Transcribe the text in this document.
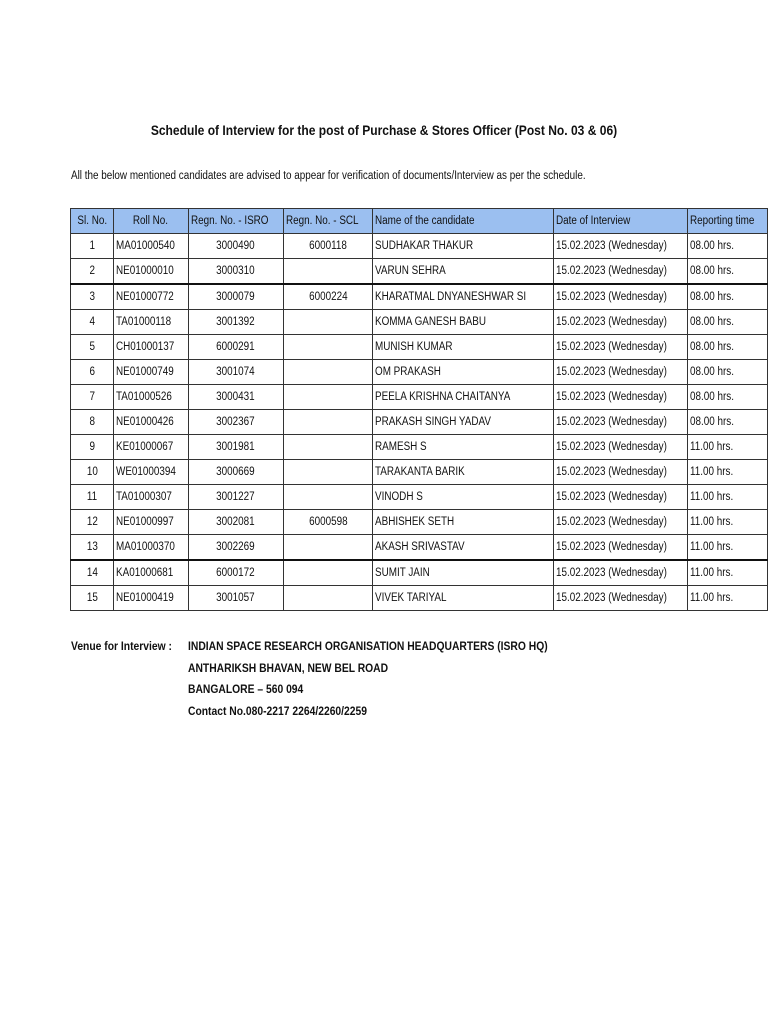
Schedule of Interview for the post of Purchase & Stores Officer (Post No. 03 & 06)
All the below mentioned candidates are advised to appear for verification of documents/Interview as per the schedule.
Sl. No.	Roll No.	Regn. No. - ISRO	Regn. No. - SCL	Name of the candidate	Date of Interview	Reporting time
1	MA01000540	3000490	6000118	SUDHAKAR THAKUR	15.02.2023 (Wednesday)	08.00 hrs.
2	NE01000010	3000310		VARUN SEHRA	15.02.2023 (Wednesday)	08.00 hrs.
3	NE01000772	3000079	6000224	KHARATMAL DNYANESHWAR SI	15.02.2023 (Wednesday)	08.00 hrs.
4	TA01000118	3001392		KOMMA GANESH BABU	15.02.2023 (Wednesday)	08.00 hrs.
5	CH01000137	6000291		MUNISH KUMAR	15.02.2023 (Wednesday)	08.00 hrs.
6	NE01000749	3001074		OM PRAKASH	15.02.2023 (Wednesday)	08.00 hrs.
7	TA01000526	3000431		PEELA KRISHNA CHAITANYA	15.02.2023 (Wednesday)	08.00 hrs.
8	NE01000426	3002367		PRAKASH SINGH YADAV	15.02.2023 (Wednesday)	08.00 hrs.
9	KE01000067	3001981		RAMESH S	15.02.2023 (Wednesday)	11.00 hrs.
10	WE01000394	3000669		TARAKANTA BARIK	15.02.2023 (Wednesday)	11.00 hrs.
11	TA01000307	3001227		VINODH S	15.02.2023 (Wednesday)	11.00 hrs.
12	NE01000997	3002081	6000598	ABHISHEK SETH	15.02.2023 (Wednesday)	11.00 hrs.
13	MA01000370	3002269		AKASH SRIVASTAV	15.02.2023 (Wednesday)	11.00 hrs.
14	KA01000681	6000172		SUMIT JAIN	15.02.2023 (Wednesday)	11.00 hrs.
15	NE01000419	3001057		VIVEK TARIYAL	15.02.2023 (Wednesday)	11.00 hrs.
Venue for Interview : INDIAN SPACE RESEARCH ORGANISATION HEADQUARTERS (ISRO HQ)
ANTHARIKSH BHAVAN, NEW BEL ROAD
BANGALORE – 560 094
Contact No.080-2217 2264/2260/2259
